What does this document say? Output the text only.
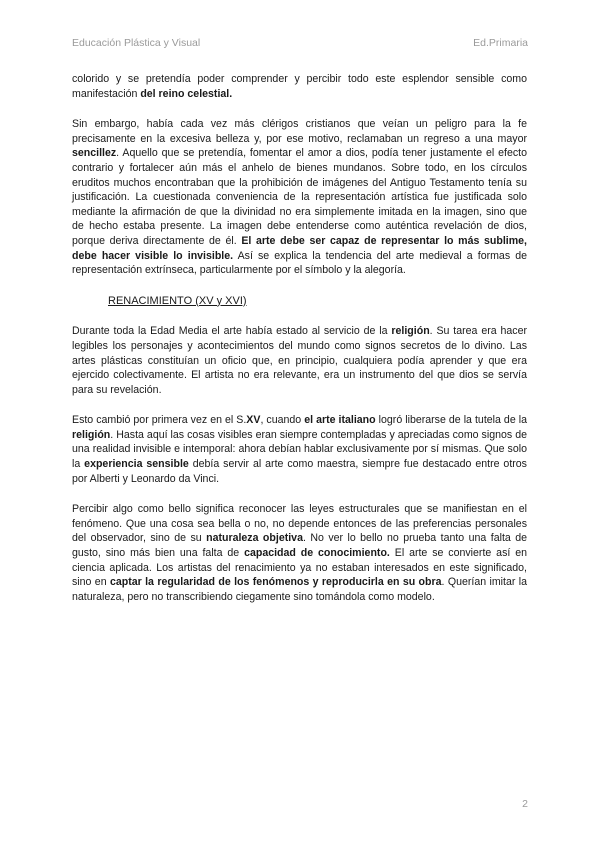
Educación Plástica y Visual	Ed.Primaria

colorido y se pretendía poder comprender y percibir todo este esplendor sensible como manifestación del reino celestial.

Sin embargo, había cada vez más clérigos cristianos que veían un peligro para la fe precisamente en la excesiva belleza y, por ese motivo, reclamaban un regreso a una mayor sencillez. Aquello que se pretendía, fomentar el amor a dios, podía tener justamente el efecto contrario y fortalecer aún más el anhelo de bienes mundanos. Sobre todo, en los círculos eruditos muchos encontraban que la prohibición de imágenes del Antiguo Testamento tenía su justificación. La cuestionada conveniencia de la representación artística fue justificada solo mediante la afirmación de que la divinidad no era simplemente imitada en la imagen, sino que de hecho estaba presente. La imagen debe entenderse como auténtica revelación de dios, porque deriva directamente de él. El arte debe ser capaz de representar lo más sublime, debe hacer visible lo invisible. Así se explica la tendencia del arte medieval a formas de representación extrínseca, particularmente por el símbolo y la alegoría.

RENACIMIENTO (XV y XVI)

Durante toda la Edad Media el arte había estado al servicio de la religión. Su tarea era hacer legibles los personajes y acontecimientos del mundo como signos secretos de lo divino. Las artes plásticas constituían un oficio que, en principio, cualquiera podía aprender y que era ejercido colectivamente. El artista no era relevante, era un instrumento del que dios se servía para su revelación.

Esto cambió por primera vez en el S.XV, cuando el arte italiano logró liberarse de la tutela de la religión. Hasta aquí las cosas visibles eran siempre contempladas y apreciadas como signos de una realidad invisible e intemporal: ahora debían hablar exclusivamente por sí mismas. Que solo la experiencia sensible debía servir al arte como maestra, siempre fue destacado entre otros por Alberti y Leonardo da Vinci.

Percibir algo como bello significa reconocer las leyes estructurales que se manifiestan en el fenómeno. Que una cosa sea bella o no, no depende entonces de las preferencias personales del observador, sino de su naturaleza objetiva. No ver lo bello no prueba tanto una falta de gusto, sino más bien una falta de capacidad de conocimiento. El arte se convierte así en ciencia aplicada. Los artistas del renacimiento ya no estaban interesados en este significado, sino en captar la regularidad de los fenómenos y reproducirla en su obra. Querían imitar la naturaleza, pero no transcribiendo ciegamente sino tomándola como modelo.

2
